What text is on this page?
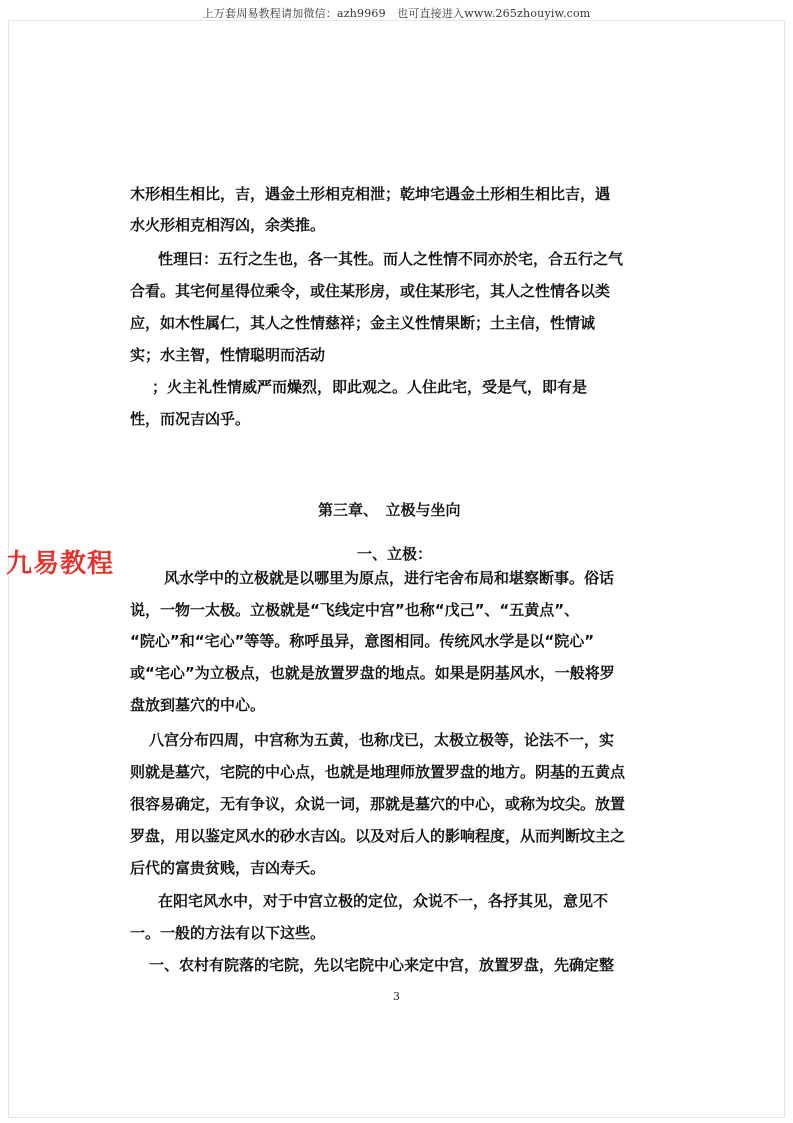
上万套周易教程请加微信：azh9969　也可直接进入www.265zhouyiw.com
木形相生相比，吉，遇金土形相克相泄；乾坤宅遇金土形相生相比吉，遇
水火形相克相泻凶，余类推。
性理曰：五行之生也，各一其性。而人之性情不同亦於宅，合五行之气
合看。其宅何星得位乘令，或住某形房，或住某形宅，其人之性情各以类
应，如木性属仁，其人之性情慈祥；金主义性情果断；土主信，性情诚
实；水主智，性情聪明而活动
；火主礼性情威严而燥烈，即此观之。人住此宅，受是气，即有是
性，而况吉凶乎。
第三章、　立极与坐向
九易教程	一、立极：
风水学中的立极就是以哪里为原点，进行宅舍布局和堪察断事。俗话
说，一物一太极。立极就是“飞线定中宫”也称“戊己”、“五黄点”、
“院心”和“宅心”等等。称呼虽异，意图相同。传统风水学是以“院心”
或“宅心”为立极点，也就是放置罗盘的地点。如果是阴基风水，一般将罗
盘放到墓穴的中心。
八宫分布四周，中宫称为五黄，也称戊已，太极立极等，论法不一，实
则就是墓穴，宅院的中心点，也就是地理师放置罗盘的地方。阴基的五黄点
很容易确定，无有争议，众说一词，那就是墓穴的中心，或称为坟尖。放置
罗盘，用以鉴定风水的砂水吉凶。以及对后人的影响程度，从而判断坟主之
后代的富贵贫贱，吉凶寿夭。
在阳宅风水中，对于中宫立极的定位，众说不一，各抒其见，意见不
一。一般的方法有以下这些。
一、农村有院落的宅院，先以宅院中心来定中宫，放置罗盘，先确定整
3
